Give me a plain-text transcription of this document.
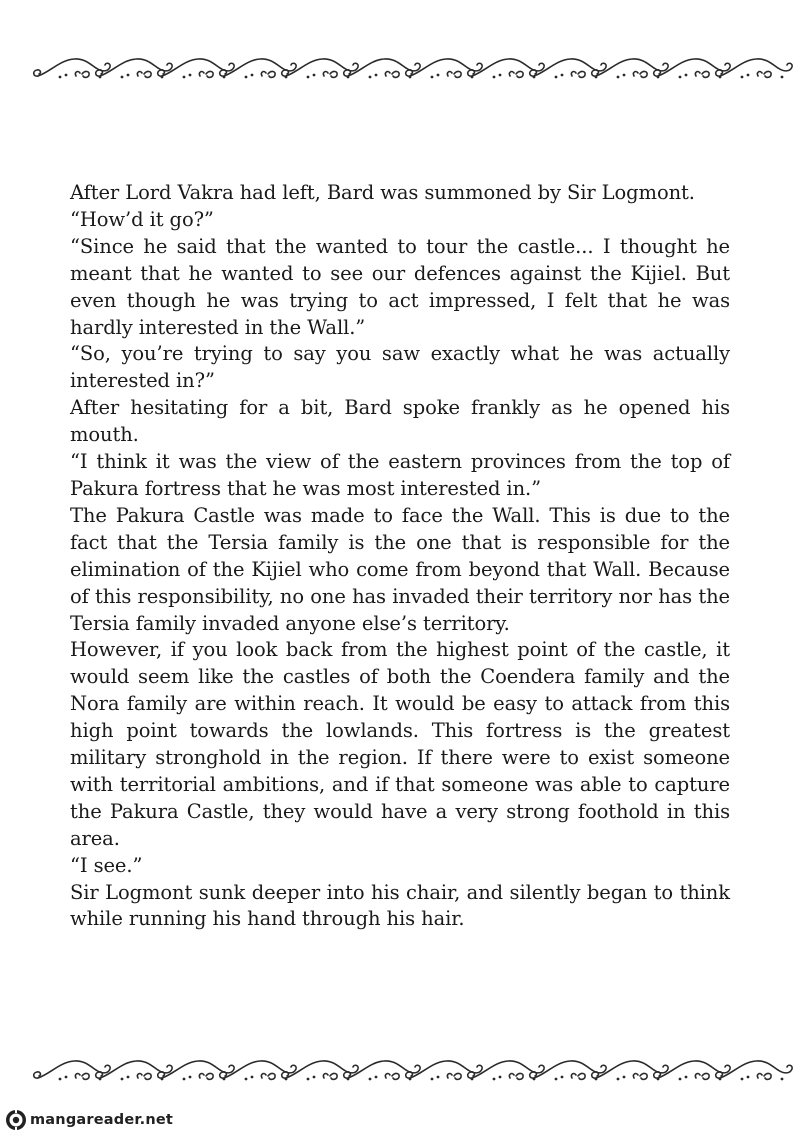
After Lord Vakra had left, Bard was summoned by Sir Logmont.

“How’d it go?”

“Since he said that the wanted to tour the castle... I thought he meant that he wanted to see our defences against the Kijiel. But even though he was trying to act impressed, I felt that he was hardly interested in the Wall.”

“So, you’re trying to say you saw exactly what he was actually interested in?”

After hesitating for a bit, Bard spoke frankly as he opened his mouth.

“I think it was the view of the eastern provinces from the top of Pakura fortress that he was most interested in.”

The Pakura Castle was made to face the Wall. This is due to the fact that the Tersia family is the one that is responsible for the elimination of the Kijiel who come from beyond that Wall. Because of this responsibility, no one has invaded their territory nor has the Tersia family invaded anyone else’s territory.

However, if you look back from the highest point of the castle, it would seem like the castles of both the Coendera family and the Nora family are within reach. It would be easy to attack from this high point towards the lowlands. This fortress is the greatest military stronghold in the region. If there were to exist someone with territorial ambitions, and if that someone was able to capture the Pakura Castle, they would have a very strong foothold in this area.

“I see.”

Sir Logmont sunk deeper into his chair, and silently began to think while running his hand through his hair.

mangareader.net
